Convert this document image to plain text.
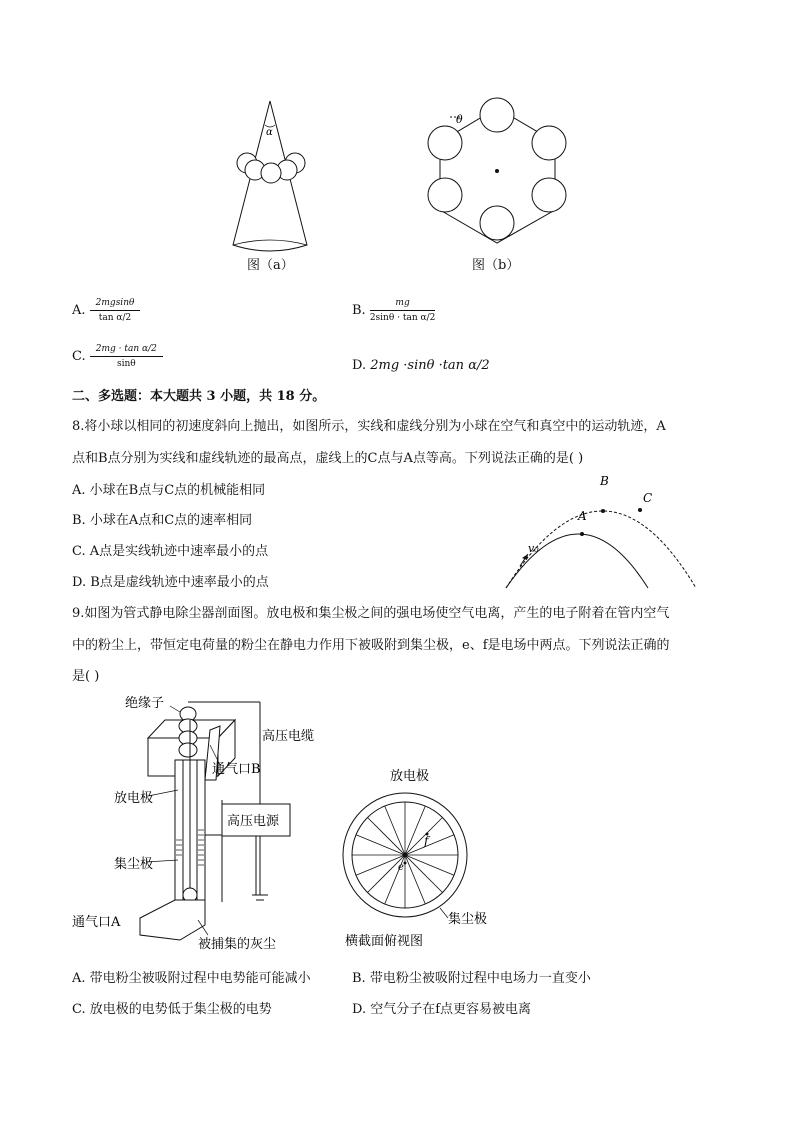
α
图（a）
θ
图（b）
A. $\frac{2mgsin\theta}{\text{tan α/2}}$	B. $\frac{mg}{\text{2sinθ · tan α/2}}$
C. $\frac{\text{2mg · tan α/2}}{\sin\theta}$	D. 2mg ·sinθ ·tan α/2
二、多选题：本大题共 3 小题，共 18 分。
8.将小球以相同的初速度斜向上抛出，如图所示，实线和虚线分别为小球在空气和真空中的运动轨迹，A
点和B点分别为实线和虚线轨迹的最高点，虚线上的C点与A点等高。下列说法正确的是( )
A. 小球在B点与C点的机械能相同
B. 小球在A点和C点的速率相同
C. A点是实线轨迹中速率最小的点
D. B点是虚线轨迹中速率最小的点
B
A
C
v₀
9.如图为管式静电除尘器剖面图。放电极和集尘极之间的强电场使空气电离，产生的电子附着在管内空气
中的粉尘上，带恒定电荷量的粉尘在静电力作用下被吸附到集尘极，e、f是电场中两点。下列说法正确的
是( )
绝缘子
高压电缆
通气口B
放电极
高压电源
集尘极
通气口A
被捕集的灰尘
e
f
放电极
集尘极
横截面俯视图
A. 带电粉尘被吸附过程中电势能可能减小	B. 带电粉尘被吸附过程中电场力一直变小
C. 放电极的电势低于集尘极的电势	D. 空气分子在f点更容易被电离
